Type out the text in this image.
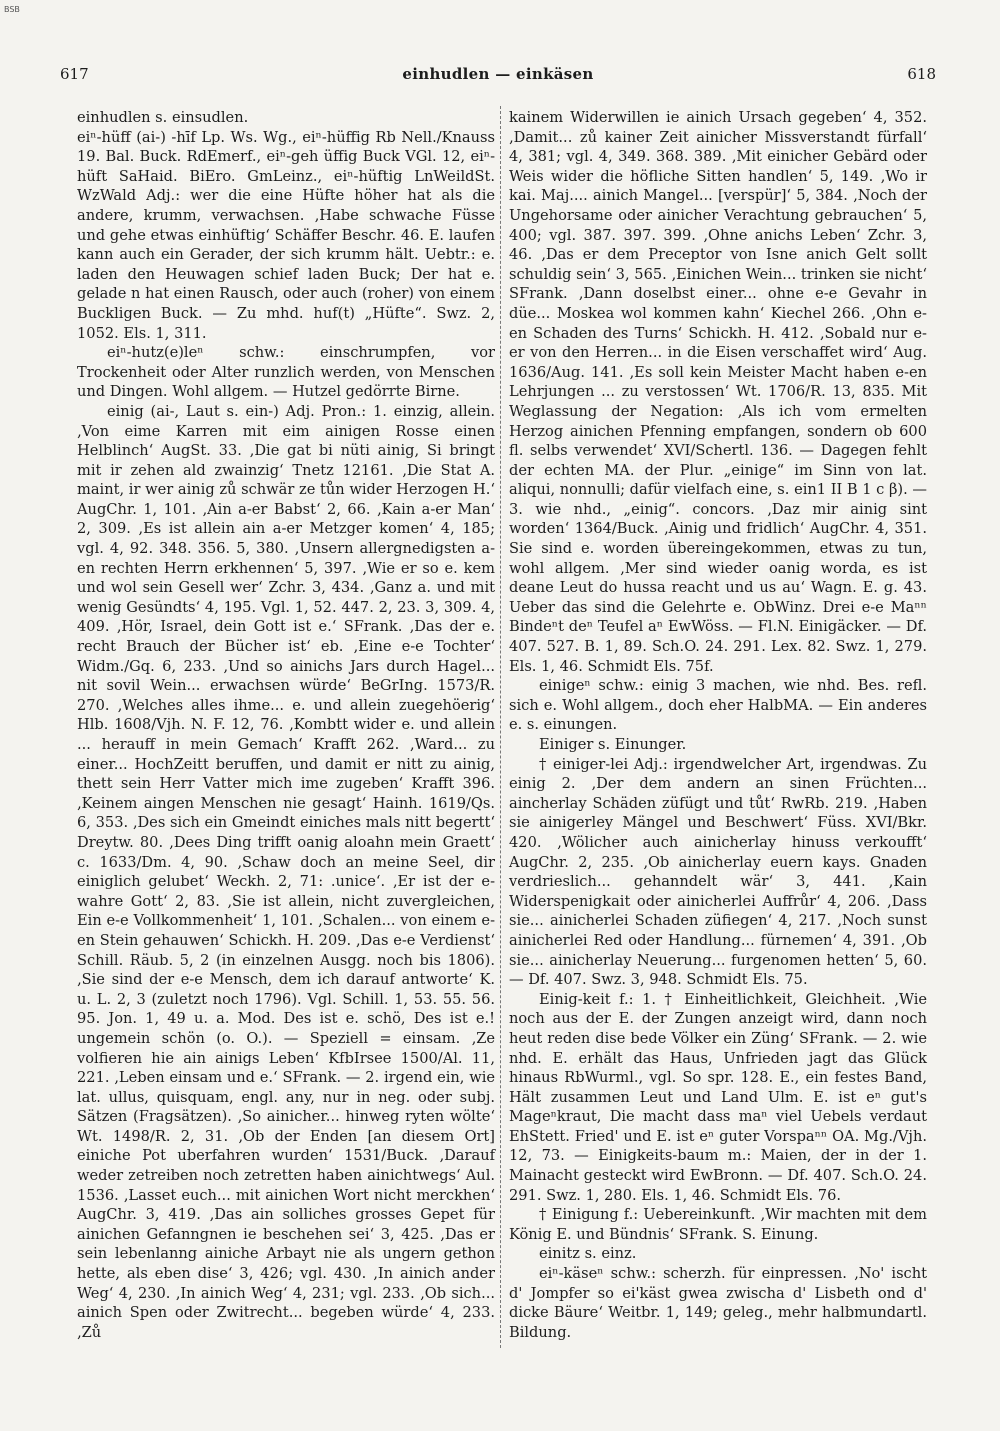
BSB
617	einhudlen — einkäsen	618

einhudlen s. einsudlen.

eiⁿ-hüff (ai-) -hīf Lp. Ws. Wg., eiⁿ-hüffig Rb Nell./Knauss 19. Bal. Buck. RdEmerf., eiⁿ-geh üffig Buck VGl. 12, eiⁿ-hüft SaHaid. BiEro. GmLeinz., eiⁿ-hüftig LnWeildSt. WzWald Adj.: wer die eine Hüfte höher hat als die andere, krumm, verwachsen. ‚Habe schwache Füsse und gehe etwas einhüftig‘ Schäffer Beschr. 46. E. laufen kann auch ein Gerader, der sich krumm hält. Uebtr.: e. laden den Heuwagen schief laden Buck; Der hat e. gelade n hat einen Rausch, oder auch (roher) von einem Buckligen Buck. — Zu mhd. huf(t) „Hüfte“. Swz. 2, 1052. Els. 1, 311.

eiⁿ-hutz(e)leⁿ schw.: einschrumpfen, vor Trockenheit oder Alter runzlich werden, von Menschen und Dingen. Wohl allgem. — Hutzel gedörrte Birne.

einig (ai-, Laut s. ein-) Adj. Pron.: 1. einzig, allein. ‚Von eime Karren mit eim ainigen Rosse einen Helblinch‘ AugSt. 33. ‚Die gat bi nüti ainig, Si bringt mit ir zehen ald zwainzig‘ Tnetz 12161. ‚Die Stat A. maint, ir wer ainig zů schwär ze tůn wider Herzogen H.‘ AugChr. 1, 101. ‚Ain a-er Babst‘ 2, 66. ‚Kain a-er Man‘ 2, 309. ‚Es ist allein ain a-er Metzger komen‘ 4, 185; vgl. 4, 92. 348. 356. 5, 380. ‚Unsern allergnedigsten a-en rechten Herrn erkhennen‘ 5, 397. ‚Wie er so e. kem und wol sein Gesell wer‘ Zchr. 3, 434. ‚Ganz a. und mit wenig Gesündts‘ 4, 195. Vgl. 1, 52. 447. 2, 23. 3, 309. 4, 409. ‚Hör, Israel, dein Gott ist e.‘ SFrank. ‚Das der e. recht Brauch der Bücher ist‘ eb. ‚Eine e-e Tochter‘ Widm./Gq. 6, 233. ‚Und so ainichs Jars durch Hagel... nit sovil Wein... erwachsen würde‘ BeGrIng. 1573/R. 270. ‚Welches alles ihme... e. und allein zuegehöerig‘ Hlb. 1608/Vjh. N. F. 12, 76. ‚Kombtt wider e. und allein ... herauff in mein Gemach‘ Krafft 262. ‚Ward... zu einer... HochZeitt beruffen, und damit er nitt zu ainig, thett sein Herr Vatter mich ime zugeben‘ Krafft 396. ‚Keinem aingen Menschen nie gesagt‘ Hainh. 1619/Qs. 6, 353. ‚Des sich ein Gmeindt einiches mals nitt begertt‘ Dreytw. 80. ‚Dees Ding trifft oanig aloahn mein Graett‘ c. 1633/Dm. 4, 90. ‚Schaw doch an meine Seel, dir einiglich gelubet‘ Weckh. 2, 71: .unice‘. ‚Er ist der e-wahre Gott‘ 2, 83. ‚Sie ist allein, nicht zuvergleichen, Ein e-e Vollkommenheit‘ 1, 101. ‚Schalen... von einem e-en Stein gehauwen‘ Schickh. H. 209. ‚Das e-e Verdienst‘ Schill. Räub. 5, 2 (in einzelnen Ausgg. noch bis 1806). ‚Sie sind der e-e Mensch, dem ich darauf antworte‘ K. u. L. 2, 3 (zuletzt noch 1796). Vgl. Schill. 1, 53. 55. 56. 95. Jon. 1, 49 u. a. Mod. Des ist e. schö, Des ist e.! ungemein schön (o. O.). — Speziell = einsam. ‚Ze volfieren hie ain ainigs Leben‘ KfbIrsee 1500/Al. 11, 221. ‚Leben einsam und e.‘ SFrank. — 2. irgend ein, wie lat. ullus, quisquam, engl. any, nur in neg. oder subj. Sätzen (Fragsätzen). ‚So ainicher... hinweg ryten wölte‘ Wt. 1498/R. 2, 31. ‚Ob der Enden [an diesem Ort] einiche Pot uberfahren wurden‘ 1531/Buck. ‚Darauf weder zetreiben noch zetretten haben ainichtwegs‘ Aul. 1536. ‚Lasset euch... mit ainichen Wort nicht merckhen‘ AugChr. 3, 419. ‚Das ain solliches grosses Gepet für ainichen Gefanngnen ie beschehen sei‘ 3, 425. ‚Das er sein lebenlanng ainiche Arbayt nie als ungern gethon hette, als eben dise‘ 3, 426; vgl. 430. ‚In ainich ander Weg‘ 4, 230. ‚In ainich Weg‘ 4, 231; vgl. 233. ‚Ob sich... ainich Spen oder Zwitrecht... begeben würde‘ 4, 233. ‚Zů

kainem Widerwillen ie ainich Ursach gegeben‘ 4, 352. ‚Damit... zů kainer Zeit ainicher Missverstandt fürfall‘ 4, 381; vgl. 4, 349. 368. 389. ‚Mit einicher Gebärd oder Weis wider die höfliche Sitten handlen‘ 5, 149. ‚Wo ir kai. Maj.... ainich Mangel... [verspür]‘ 5, 384. ‚Noch der Ungehorsame oder ainicher Verachtung gebrauchen‘ 5, 400; vgl. 387. 397. 399. ‚Ohne anichs Leben‘ Zchr. 3, 46. ‚Das er dem Preceptor von Isne anich Gelt sollt schuldig sein‘ 3, 565. ‚Einichen Wein... trinken sie nicht‘ SFrank. ‚Dann doselbst einer... ohne e-e Gevahr in düe... Moskea wol kommen kahn‘ Kiechel 266. ‚Ohn e-en Schaden des Turns‘ Schickh. H. 412. ‚Sobald nur e-er von den Herren... in die Eisen verschaffet wird‘ Aug. 1636/Aug. 141. ‚Es soll kein Meister Macht haben e-en Lehrjungen ... zu verstossen‘ Wt. 1706/R. 13, 835. Mit Weglassung der Negation: ‚Als ich vom ermelten Herzog ainichen Pfenning empfangen, sondern ob 600 fl. selbs verwendet‘ XVI/Schertl. 136. — Dagegen fehlt der echten MA. der Plur. „einige“ im Sinn von lat. aliqui, nonnulli; dafür vielfach eine, s. ein1 II B 1 c β). — 3. wie nhd., „einig“. concors. ‚Daz mir ainig sint worden‘ 1364/Buck. ‚Ainig und fridlich‘ AugChr. 4, 351. Sie sind e. worden übereingekommen, etwas zu tun, wohl allgem. ‚Mer sind wieder oanig worda, es ist deane Leut do hussa reacht und us au‘ Wagn. E. g. 43. Ueber das sind die Gelehrte e. ObWinz. Drei e-e Maⁿⁿ Bindeⁿt deⁿ Teufel aⁿ EwWöss. — Fl.N. Einigäcker. — Df. 407. 527. B. 1, 89. Sch.O. 24. 291. Lex. 82. Swz. 1, 279. Els. 1, 46. Schmidt Els. 75f.

einigeⁿ schw.: einig 3 machen, wie nhd. Bes. refl. sich e. Wohl allgem., doch eher HalbMA. — Ein anderes e. s. einungen.

Einiger s. Einunger.

† einiger-lei Adj.: irgendwelcher Art, irgendwas. Zu einig 2. ‚Der dem andern an sinen Früchten... aincherlay Schäden züfügt und tůt‘ RwRb. 219. ‚Haben sie ainigerley Mängel und Beschwert‘ Füss. XVI/Bkr. 420. ‚Wölicher auch ainicherlay hinuss verkoufft‘ AugChr. 2, 235. ‚Ob ainicherlay euern kays. Gnaden verdrieslich... gehanndelt wär‘ 3, 441. ‚Kain Widerspenigkait oder ainicherlei Auffrůr‘ 4, 206. ‚Dass sie... ainicherlei Schaden züfiegen‘ 4, 217. ‚Noch sunst ainicherlei Red oder Handlung... fürnemen‘ 4, 391. ‚Ob sie... ainicherlay Neuerung... furgenomen hetten‘ 5, 60. — Df. 407. Swz. 3, 948. Schmidt Els. 75.

Einig-keit f.: 1. † Einheitlichkeit, Gleichheit. ‚Wie noch aus der E. der Zungen anzeigt wird, dann noch heut reden dise bede Völker ein Züng‘ SFrank. — 2. wie nhd. E. erhält das Haus, Unfrieden jagt das Glück hinaus RbWurml., vgl. So spr. 128. E., ein festes Band, Hält zusammen Leut und Land Ulm. E. ist eⁿ gut's Mageⁿkraut, Die macht dass maⁿ viel Uebels verdaut EhStett. Fried' und E. ist eⁿ guter Vorspaⁿⁿ OA. Mg./Vjh. 12, 73. — Einigkeits-baum m.: Maien, der in der 1. Mainacht gesteckt wird EwBronn. — Df. 407. Sch.O. 24. 291. Swz. 1, 280. Els. 1, 46. Schmidt Els. 76.

† Einigung f.: Uebereinkunft. ‚Wir machten mit dem König E. und Bündnis‘ SFrank. S. Einung.

einitz s. einz.

eiⁿ-käseⁿ schw.: scherzh. für einpressen. ‚No' ischt d' Jompfer so ei'käst gwea zwischa d' Lisbeth ond d' dicke Bäure‘ Weitbr. 1, 149; geleg., mehr halbmundartl. Bildung.
